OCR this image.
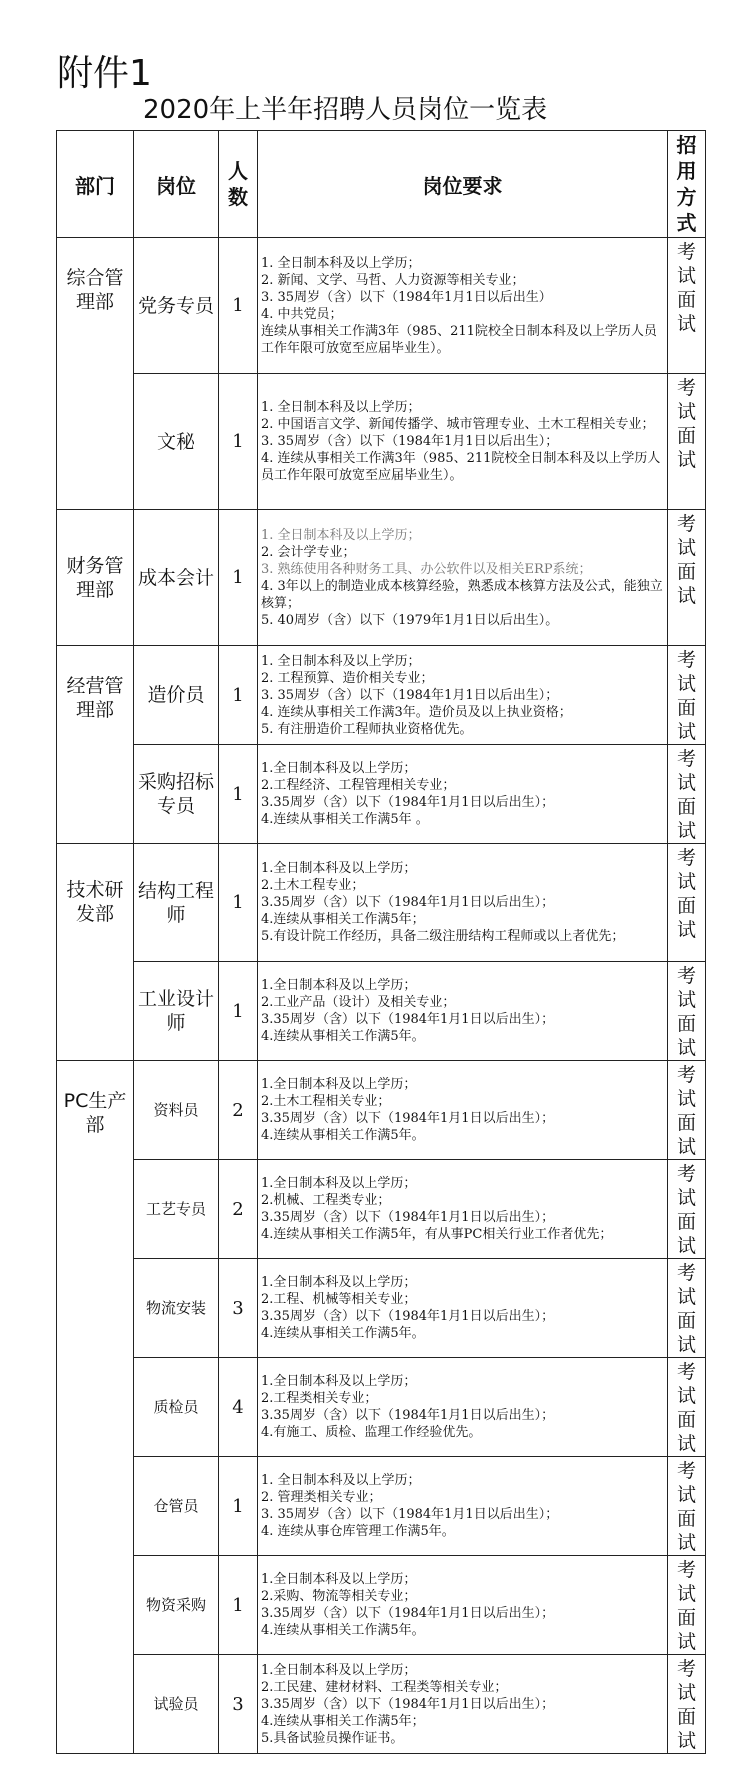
附件1
2020年上半年招聘人员岗位一览表
部门	岗位	人数	岗位要求	招用方式
综合管理部	党务专员	1	1. 全日制本科及以上学历；
2. 新闻、文学、马哲、人力资源等相关专业；
3. 35周岁（含）以下（1984年1月1日以后出生）
4. 中共党员；
连续从事相关工作满3年（985、211院校全日制本科及以上学历人员工作年限可放宽至应届毕业生）。	考试面试
	文秘	1	1. 全日制本科及以上学历；
2. 中国语言文学、新闻传播学、城市管理专业、土木工程相关专业；
3. 35周岁（含）以下（1984年1月1日以后出生）；
4. 连续从事相关工作满3年（985、211院校全日制本科及以上学历人员工作年限可放宽至应届毕业生）。	考试面试
财务管理部	成本会计	1	1. 全日制本科及以上学历；
2. 会计学专业；
3. 熟练使用各种财务工具、办公软件以及相关ERP系统；
4. 3年以上的制造业成本核算经验，熟悉成本核算方法及公式，能独立核算；
5. 40周岁（含）以下（1979年1月1日以后出生）。	考试面试
经营管理部	造价员	1	1. 全日制本科及以上学历；
2. 工程预算、造价相关专业；
3. 35周岁（含）以下（1984年1月1日以后出生）；
4. 连续从事相关工作满3年。造价员及以上执业资格；
5. 有注册造价工程师执业资格优先。	考试面试
	采购招标专员	1	1.全日制本科及以上学历；
2.工程经济、工程管理相关专业；
3.35周岁（含）以下（1984年1月1日以后出生）；
4.连续从事相关工作满5年 。	考试面试
技术研发部	结构工程师	1	1.全日制本科及以上学历；
2.土木工程专业；
3.35周岁（含）以下（1984年1月1日以后出生）；
4.连续从事相关工作满5年；
5.有设计院工作经历，具备二级注册结构工程师或以上者优先；	考试面试
	工业设计师	1	1.全日制本科及以上学历；
2.工业产品（设计）及相关专业；
3.35周岁（含）以下（1984年1月1日以后出生）；
4.连续从事相关工作满5年。	考试面试
PC生产部	资料员	2	1.全日制本科及以上学历；
2.土木工程相关专业；
3.35周岁（含）以下（1984年1月1日以后出生）；
4.连续从事相关工作满5年。	考试面试
	工艺专员	2	1.全日制本科及以上学历；
2.机械、工程类专业；
3.35周岁（含）以下（1984年1月1日以后出生）；
4.连续从事相关工作满5年，有从事PC相关行业工作者优先；	考试面试
	物流安装	3	1.全日制本科及以上学历；
2.工程、机械等相关专业；
3.35周岁（含）以下（1984年1月1日以后出生）；
4.连续从事相关工作满5年。	考试面试
	质检员	4	1.全日制本科及以上学历；
2.工程类相关专业；
3.35周岁（含）以下（1984年1月1日以后出生）；
4.有施工、质检、监理工作经验优先。	考试面试
	仓管员	1	1. 全日制本科及以上学历；
2. 管理类相关专业；
3. 35周岁（含）以下（1984年1月1日以后出生）；
4. 连续从事仓库管理工作满5年。	考试面试
	物资采购	1	1.全日制本科及以上学历；
2.采购、物流等相关专业；
3.35周岁（含）以下（1984年1月1日以后出生）；
4.连续从事相关工作满5年。	考试面试
	试验员	3	1.全日制本科及以上学历；
2.工民建、建材材料、工程类等相关专业；
3.35周岁（含）以下（1984年1月1日以后出生）；
4.连续从事相关工作满5年；
5.具备试验员操作证书。	考试面试
